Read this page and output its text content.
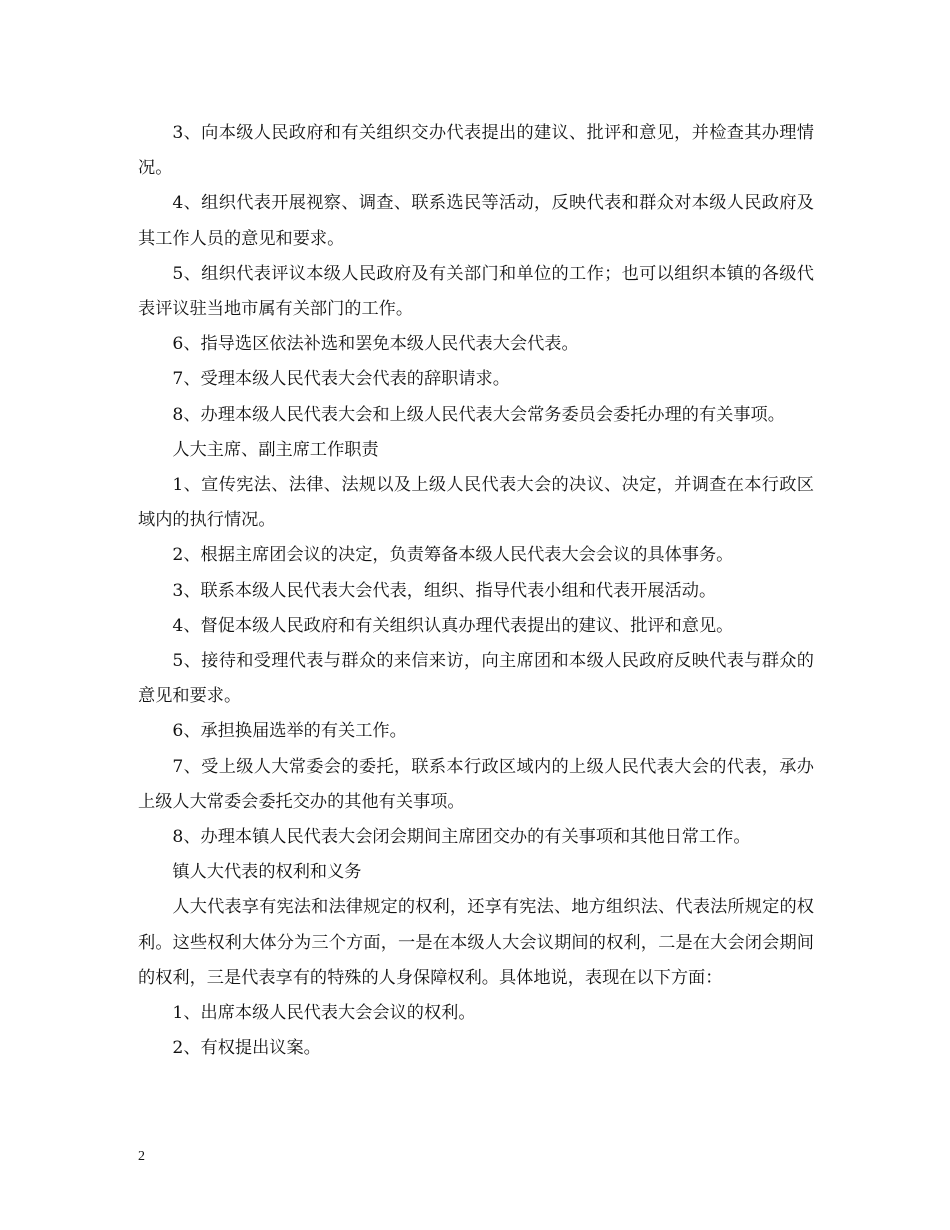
3、向本级人民政府和有关组织交办代表提出的建议、批评和意见，并检查其办理情况。

4、组织代表开展视察、调查、联系选民等活动，反映代表和群众对本级人民政府及其工作人员的意见和要求。

5、组织代表评议本级人民政府及有关部门和单位的工作；也可以组织本镇的各级代表评议驻当地市属有关部门的工作。

6、指导选区依法补选和罢免本级人民代表大会代表。

7、受理本级人民代表大会代表的辞职请求。

8、办理本级人民代表大会和上级人民代表大会常务委员会委托办理的有关事项。

人大主席、副主席工作职责

1、宣传宪法、法律、法规以及上级人民代表大会的决议、决定，并调查在本行政区域内的执行情况。

2、根据主席团会议的决定，负责筹备本级人民代表大会会议的具体事务。

3、联系本级人民代表大会代表，组织、指导代表小组和代表开展活动。

4、督促本级人民政府和有关组织认真办理代表提出的建议、批评和意见。

5、接待和受理代表与群众的来信来访，向主席团和本级人民政府反映代表与群众的意见和要求。

6、承担换届选举的有关工作。

7、受上级人大常委会的委托，联系本行政区域内的上级人民代表大会的代表，承办上级人大常委会委托交办的其他有关事项。

8、办理本镇人民代表大会闭会期间主席团交办的有关事项和其他日常工作。

镇人大代表的权利和义务

人大代表享有宪法和法律规定的权利，还享有宪法、地方组织法、代表法所规定的权利。这些权利大体分为三个方面，一是在本级人大会议期间的权利，二是在大会闭会期间的权利，三是代表享有的特殊的人身保障权利。具体地说，表现在以下方面：

1、出席本级人民代表大会会议的权利。

2、有权提出议案。

2
